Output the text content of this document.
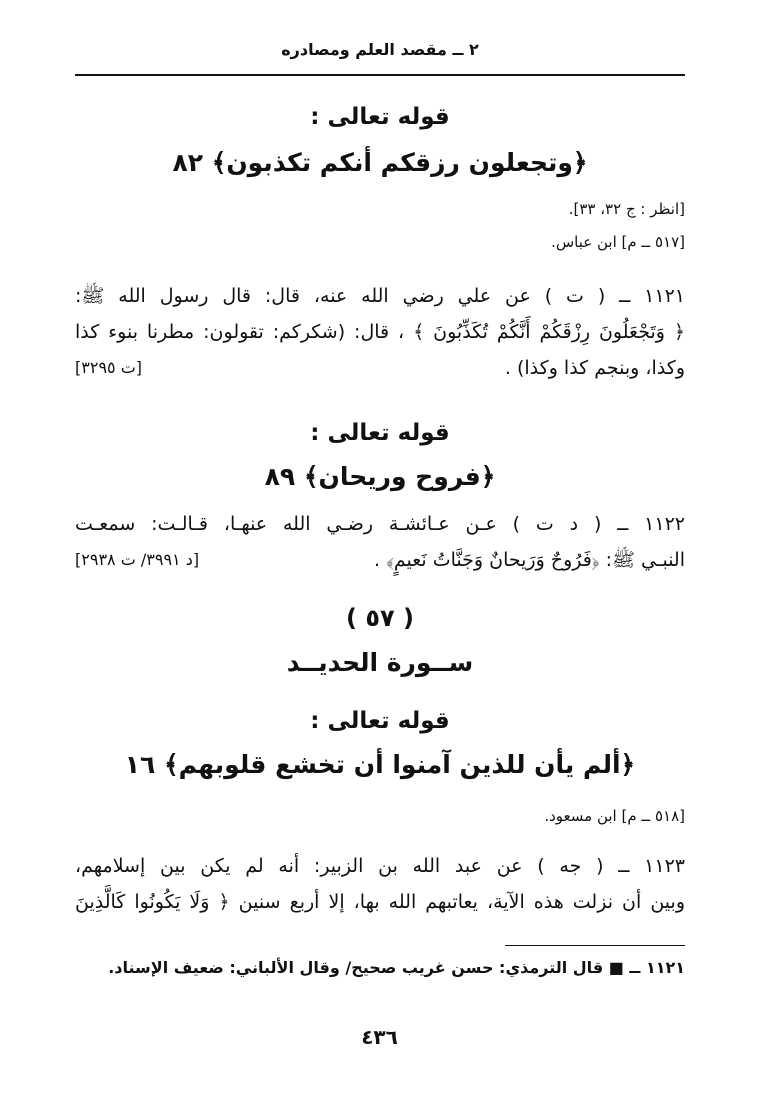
٢ ــ مقصد العلم ومصادره
قوله تعالى :
﴿وتجعلون رزقكم أنكم تكذبون﴾ ٨٢
[انظر : ج ٣٢، ٣٣].
[٥١٧ ــ م] ابن عباس.
١١٢١ ــ ( ت ) عن علي رضي الله عنه، قال: قال رسول الله ﷺ:
﴿ وَتَجْعَلُونَ رِزْقَكُمْ أَنَّكُمْ تُكَذِّبُونَ ﴾ ، قال: (شكركم: تقولون: مطرنا بنوء كذا
وكذا، وبنجم كذا وكذا) .
[ت ٣٢٩٥]
قوله تعالى :
﴿فروح وريحان﴾ ٨٩
١١٢٢ ــ ( د ت ) عـن عـائشـة رضـي الله عنهـا، قـالـت: سمعـت
النبـي ﷺ: ﴿فَرُوحٌ وَرَيحانٌ وَجَنَّاتُ نَعيمٍ﴾ .
[د ٣٩٩١/ ت ٢٩٣٨]
( ٥٧ )
ســورة الحديــد
قوله تعالى :
﴿ألم يأن للذين آمنوا أن تخشع قلوبهم﴾ ١٦
[٥١٨ ــ م] ابن مسعود.
١١٢٣ ــ ( جه ) عن عبد الله بن الزبير: أنه لم يكن بين إسلامهم،
وبين أن نزلت هذه الآية، يعاتبهم الله بها، إلا أربع سنين ﴿ وَلَا يَكُونُوا كَالَّذِينَ
١١٢١ ــ ■ قال الترمذي: حسن غريب صحيح/ وقال الألباني: ضعيف الإسناد.
٤٣٦
